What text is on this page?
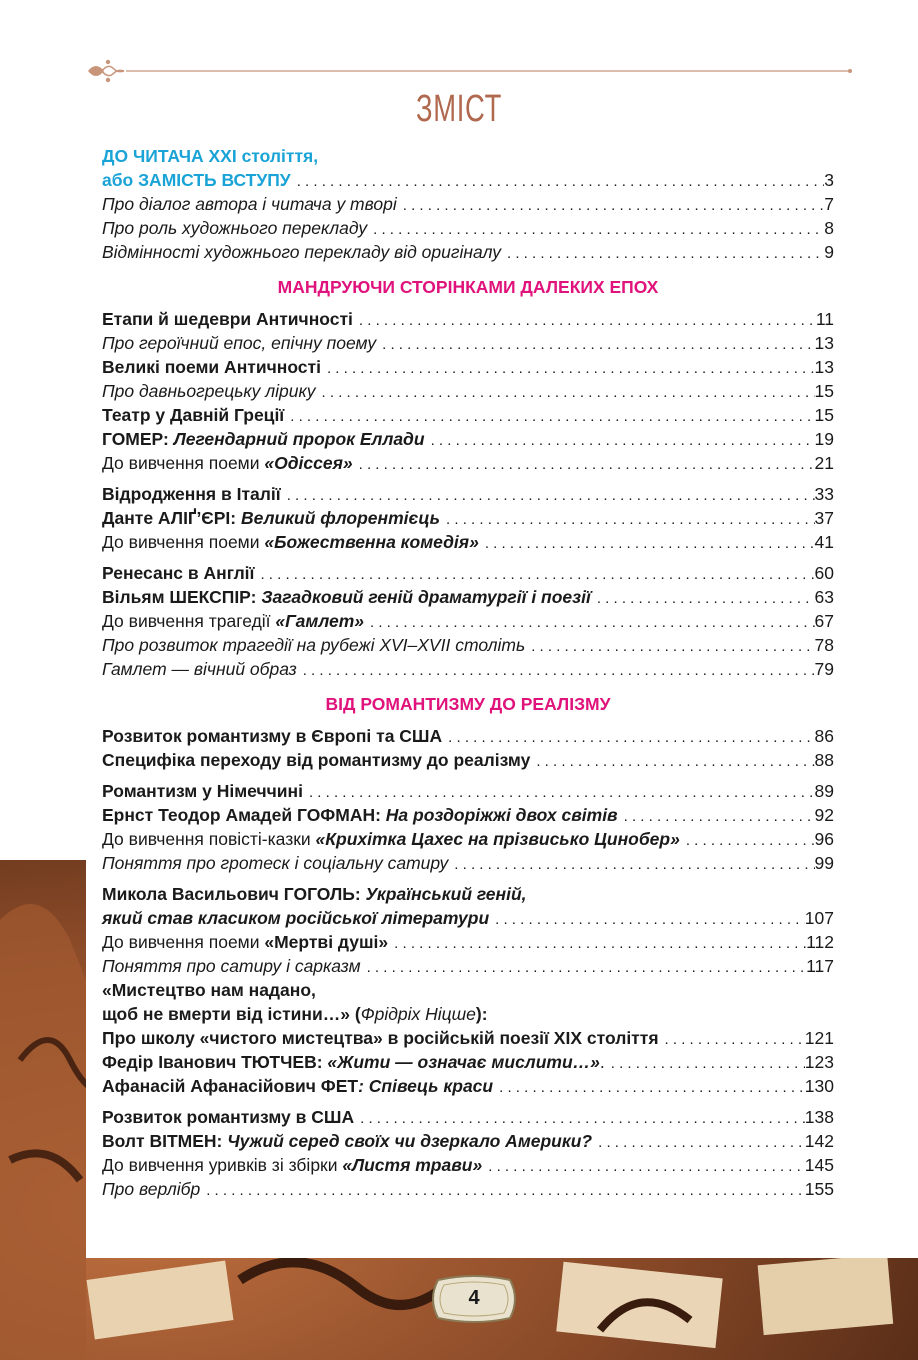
ЗМІСТ
ДО ЧИТАЧА XXI століття,
або ЗАМІСТЬ ВСТУПУ . . .	3
Про діалог автора і читача у творі . . .	7
Про роль художнього перекладу . . .	8
Відмінності художнього перекладу від оригіналу . . .	9
МАНДРУЮЧИ СТОРІНКАМИ ДАЛЕКИХ ЕПОХ
Етапи й шедеври Античності . . .	11
Про героїчний епос, епічну поему . . .	13
Великі поеми Античності . . .	13
Про давньогрецьку лірику . . .	15
Театр у Давній Греції . . .	15
ГОМЕР: Легендарний пророк Еллади . . .	19
До вивчення поеми «Одіссея» . . .	21
Відродження в Італії . . .	33
Данте АЛІҐ’ЄРІ: Великий флорентієць . . .	37
До вивчення поеми «Божественна комедія» . . .	41
Ренесанс в Англії . . .	60
Вільям ШЕКСПІР: Загадковий геній драматургії і поезії . . .	63
До вивчення трагедії «Гамлет» . . .	67
Про розвиток трагедії на рубежі XVI–XVII століть . . .	78
Гамлет — вічний образ . . .	79
ВІД РОМАНТИЗМУ ДО РЕАЛІЗМУ
Розвиток романтизму в Європі та США . . .	86
Специфіка переходу від романтизму до реалізму . . .	88
Романтизм у Німеччині . . .	89
Ернст Теодор Амадей ГОФМАН: На роздоріжжі двох світів . . .	92
До вивчення повісті-казки «Крихітка Цахес на прізвисько Цинобер» . . .	96
Поняття про гротеск і соціальну сатиру . . .	99
Микола Васильович ГОГОЛЬ: Український геній,
який став класиком російської літератури . . .	107
До вивчення поеми «Мертві душі» . . .	112
Поняття про сатиру і сарказм . . .	117
«Мистецтво нам надано,
щоб не вмерти від істини…» (Фрідріх Ніцше):
Про школу «чистого мистецтва» в російській поезії XIX століття . . .	121
Федір Іванович ТЮТЧЕВ: «Жити — означає мислити…». . . .	123
Афанасій Афанасійович ФЕТ: Співець краси . . .	130
Розвиток романтизму в США . . .	138
Волт ВІТМЕН: Чужий серед своїх чи дзеркало Америки? . . .	142
До вивчення уривків зі збірки «Листя трави» . . .	145
Про верлібр . . .	155
4
